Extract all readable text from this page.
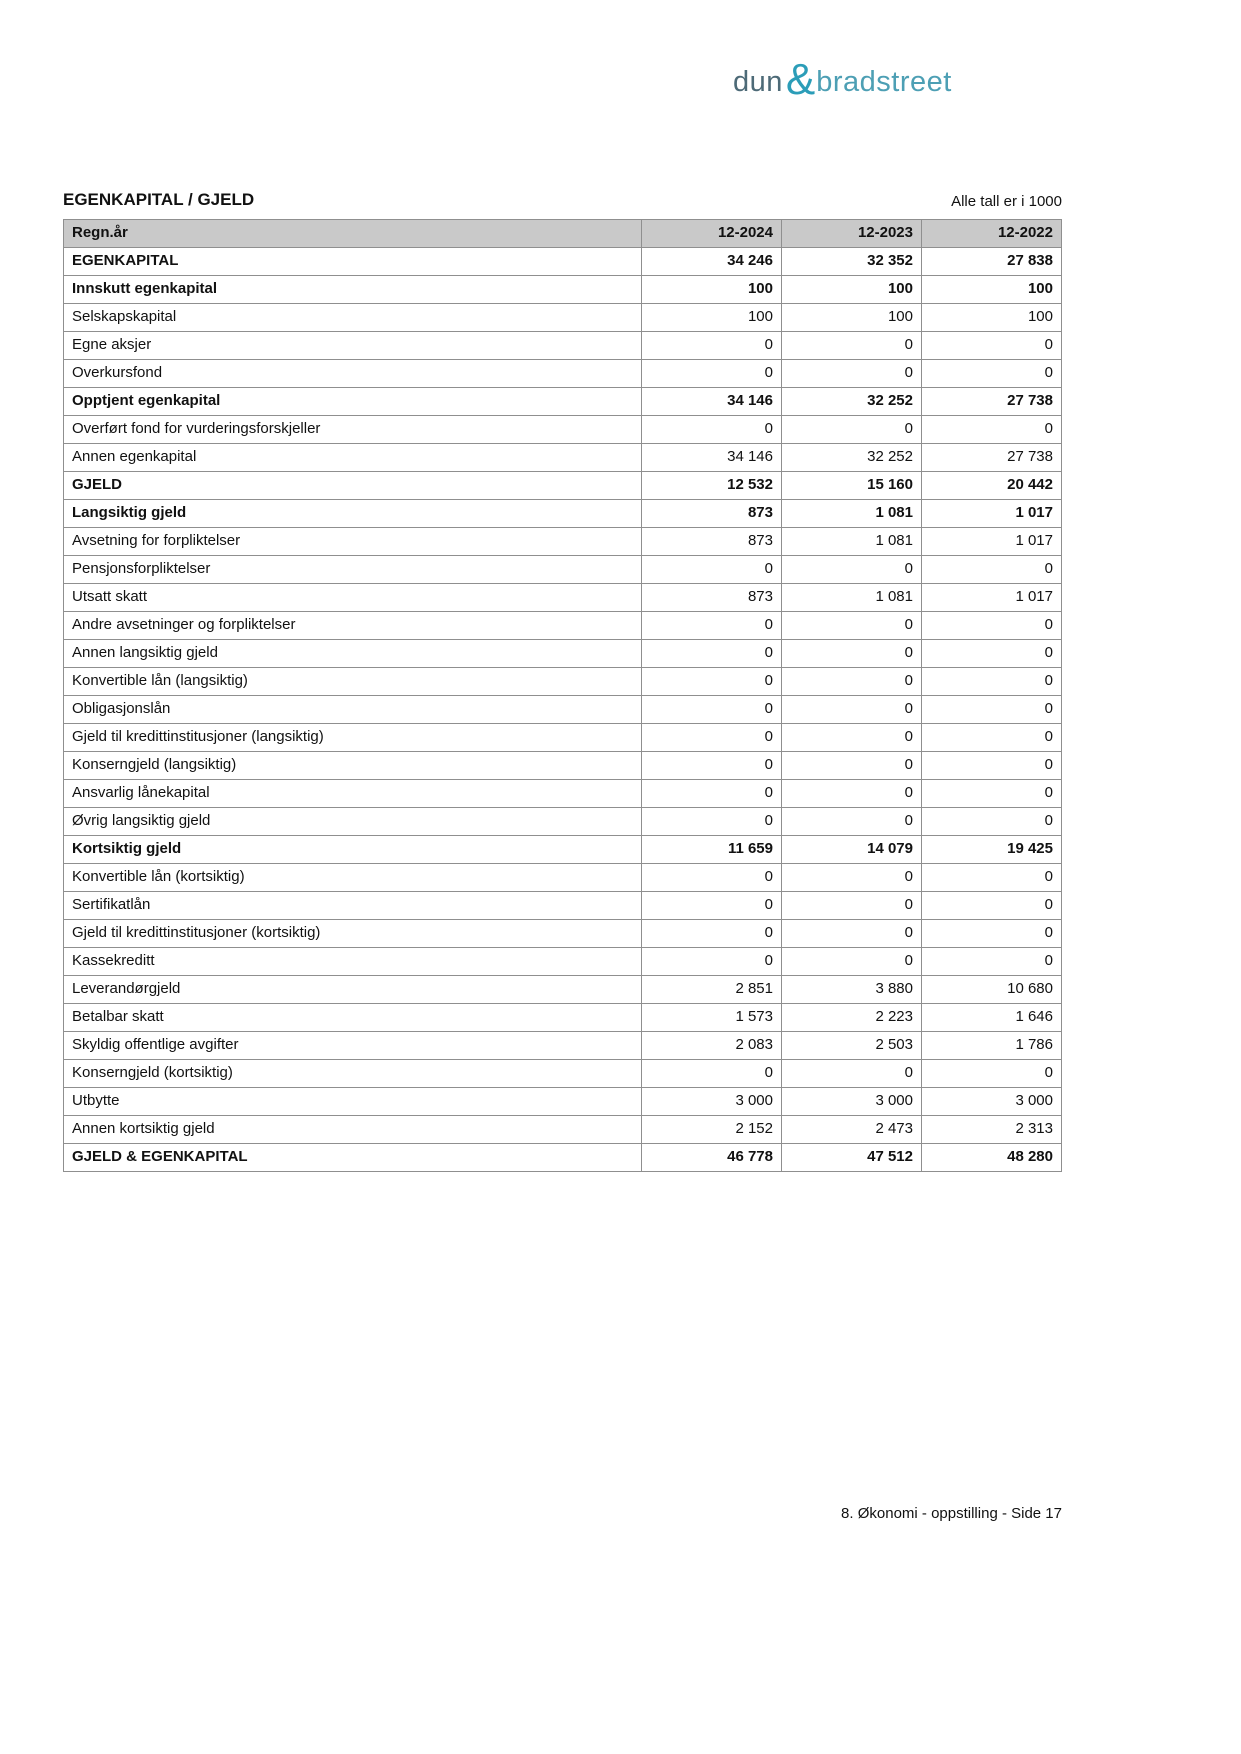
dun & bradstreet
EGENKAPITAL / GJELD	Alle tall er i 1000
Regn.år	12-2024	12-2023	12-2022
EGENKAPITAL	34 246	32 352	27 838
Innskutt egenkapital	100	100	100
Selskapskapital	100	100	100
Egne aksjer	0	0	0
Overkursfond	0	0	0
Opptjent egenkapital	34 146	32 252	27 738
Overført fond for vurderingsforskjeller	0	0	0
Annen egenkapital	34 146	32 252	27 738
GJELD	12 532	15 160	20 442
Langsiktig gjeld	873	1 081	1 017
Avsetning for forpliktelser	873	1 081	1 017
Pensjonsforpliktelser	0	0	0
Utsatt skatt	873	1 081	1 017
Andre avsetninger og forpliktelser	0	0	0
Annen langsiktig gjeld	0	0	0
Konvertible lån (langsiktig)	0	0	0
Obligasjonslån	0	0	0
Gjeld til kredittinstitusjoner (langsiktig)	0	0	0
Konserngjeld (langsiktig)	0	0	0
Ansvarlig lånekapital	0	0	0
Øvrig langsiktig gjeld	0	0	0
Kortsiktig gjeld	11 659	14 079	19 425
Konvertible lån (kortsiktig)	0	0	0
Sertifikatlån	0	0	0
Gjeld til kredittinstitusjoner (kortsiktig)	0	0	0
Kassekreditt	0	0	0
Leverandørgjeld	2 851	3 880	10 680
Betalbar skatt	1 573	2 223	1 646
Skyldig offentlige avgifter	2 083	2 503	1 786
Konserngjeld (kortsiktig)	0	0	0
Utbytte	3 000	3 000	3 000
Annen kortsiktig gjeld	2 152	2 473	2 313
GJELD & EGENKAPITAL	46 778	47 512	48 280
8. Økonomi - oppstilling - Side 17
